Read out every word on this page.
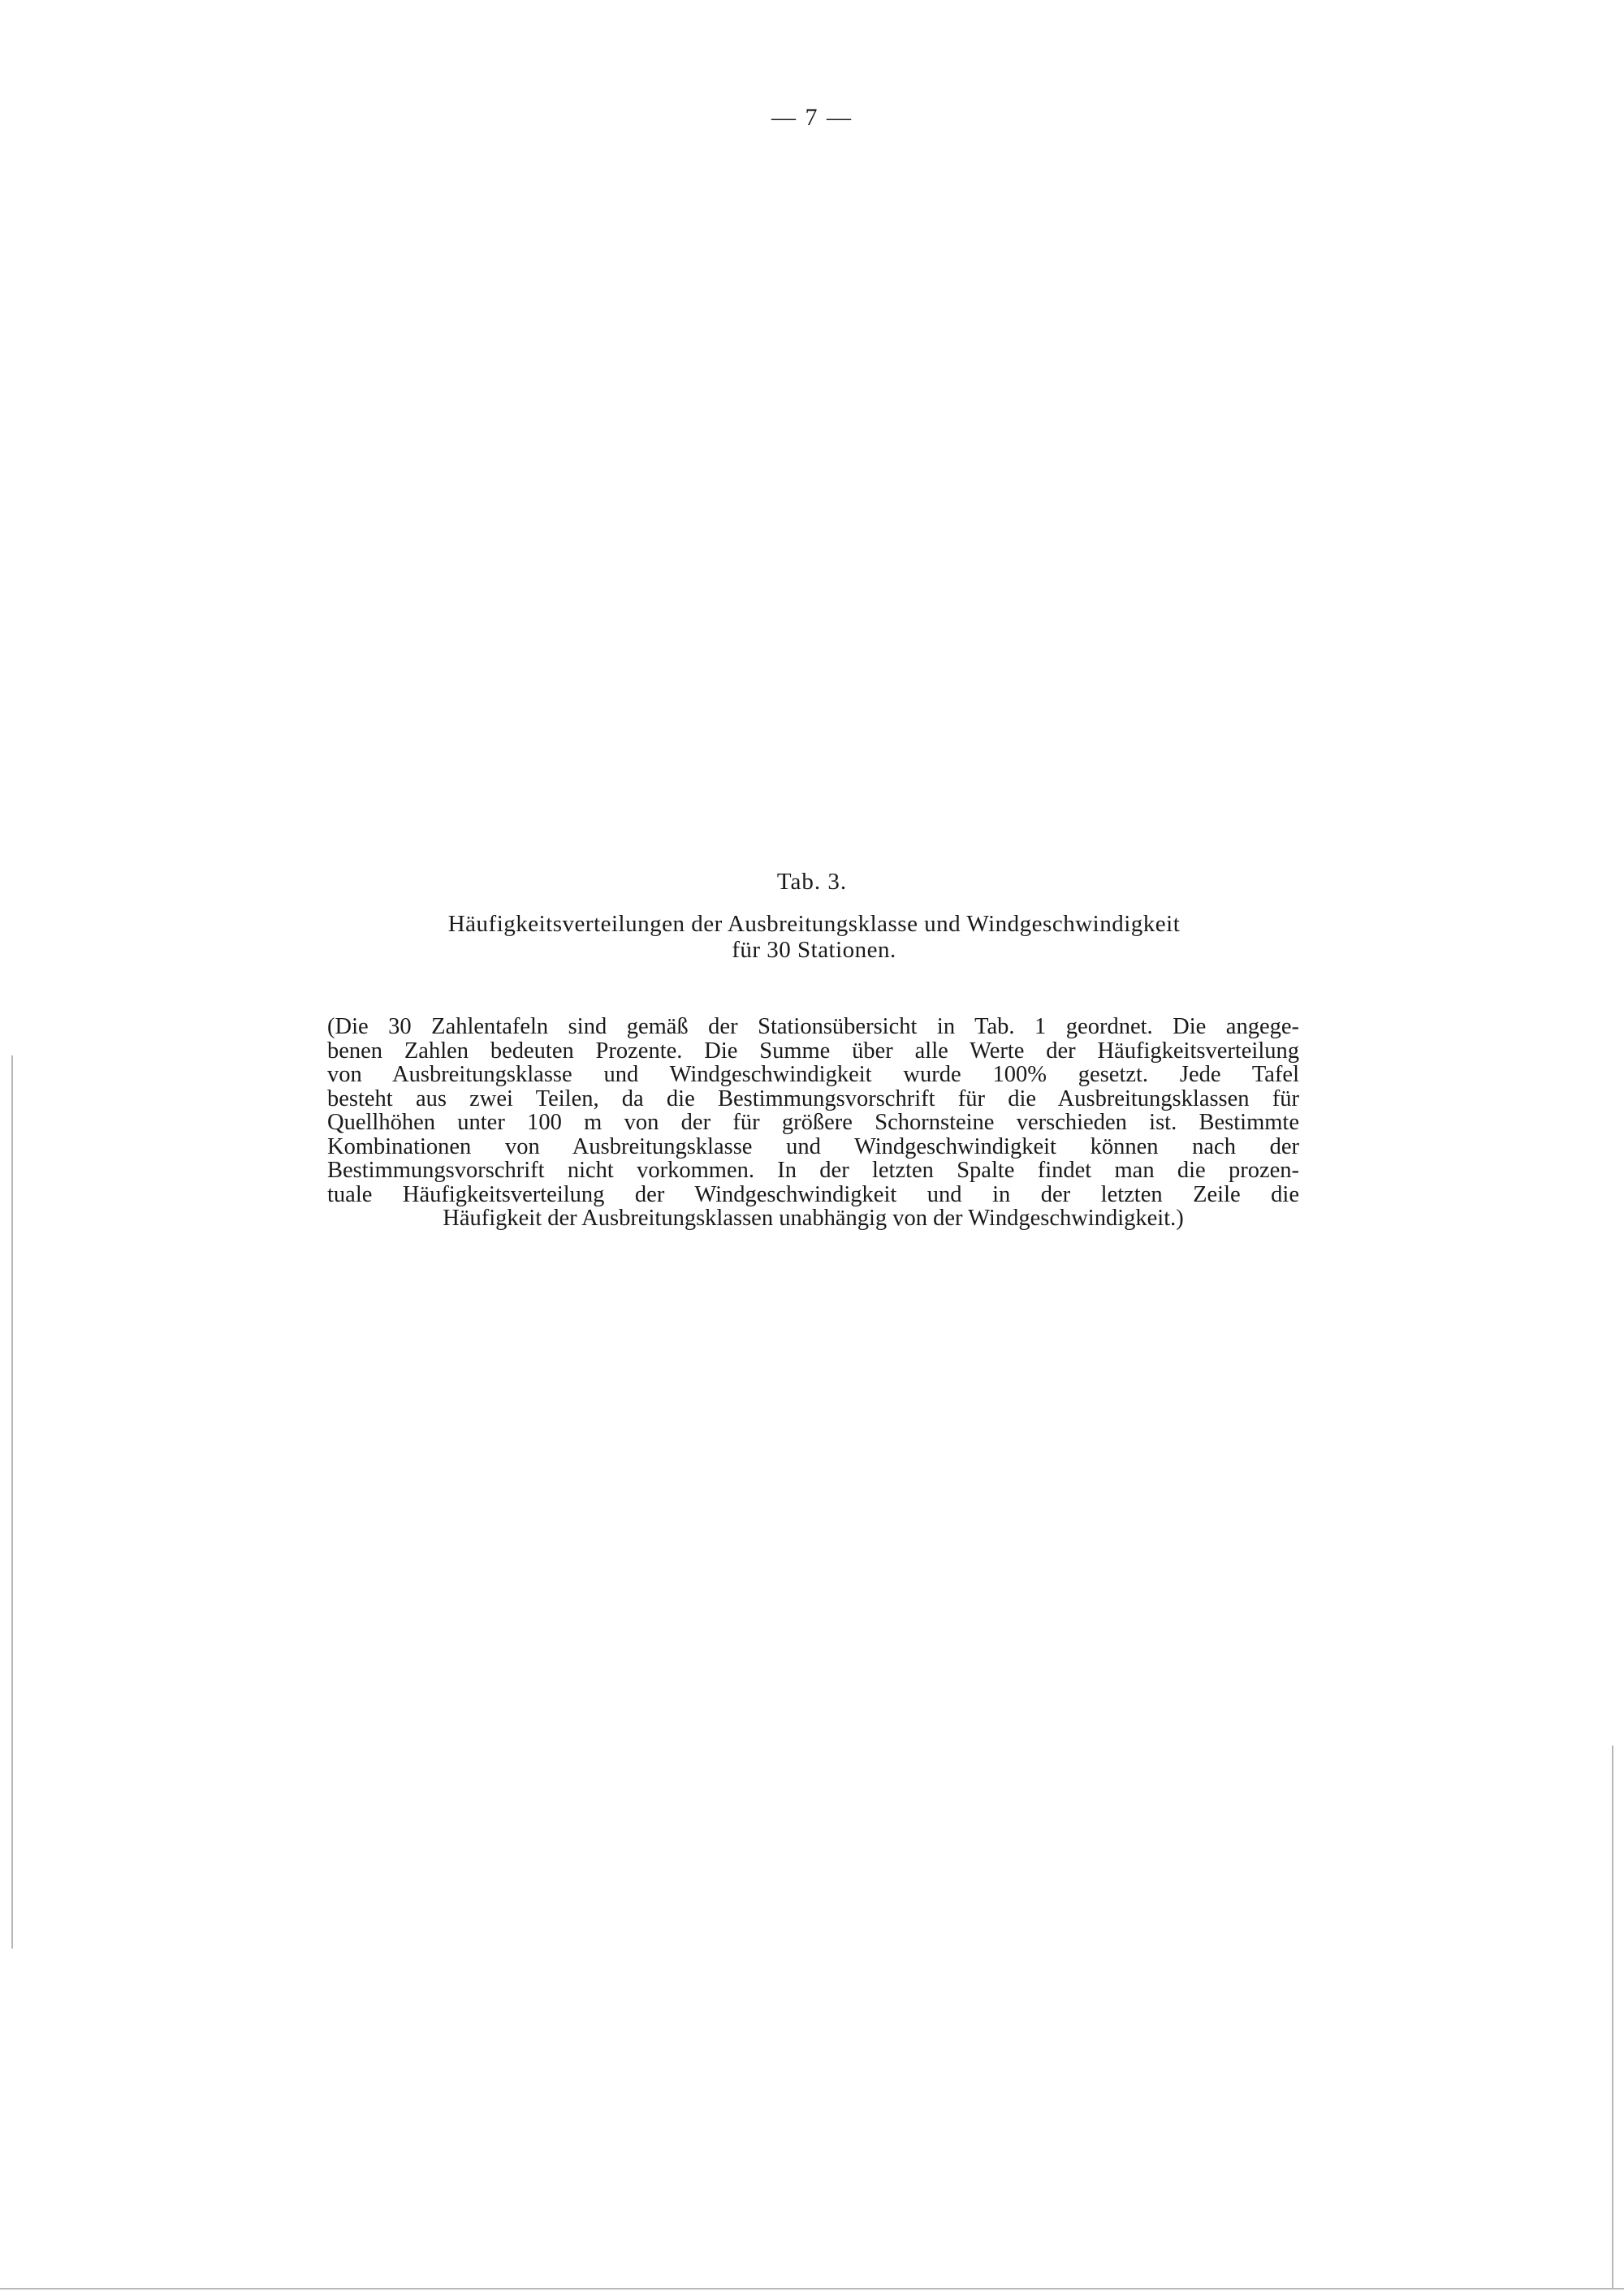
— 7 —
Tab. 3.
Häufigkeitsverteilungen der Ausbreitungsklasse und Windgeschwindigkeit
für 30 Stationen.
(Die 30 Zahlentafeln sind gemäß der Stationsübersicht in Tab. 1 geordnet. Die angege-
benen Zahlen bedeuten Prozente. Die Summe über alle Werte der Häufigkeitsverteilung
von Ausbreitungsklasse und Windgeschwindigkeit wurde 100% gesetzt. Jede Tafel
besteht aus zwei Teilen, da die Bestimmungsvorschrift für die Ausbreitungsklassen für
Quellhöhen unter 100 m von der für größere Schornsteine verschieden ist. Bestimmte
Kombinationen von Ausbreitungsklasse und Windgeschwindigkeit können nach der
Bestimmungsvorschrift nicht vorkommen. In der letzten Spalte findet man die prozen-
tuale Häufigkeitsverteilung der Windgeschwindigkeit und in der letzten Zeile die
Häufigkeit der Ausbreitungsklassen unabhängig von der Windgeschwindigkeit.)
